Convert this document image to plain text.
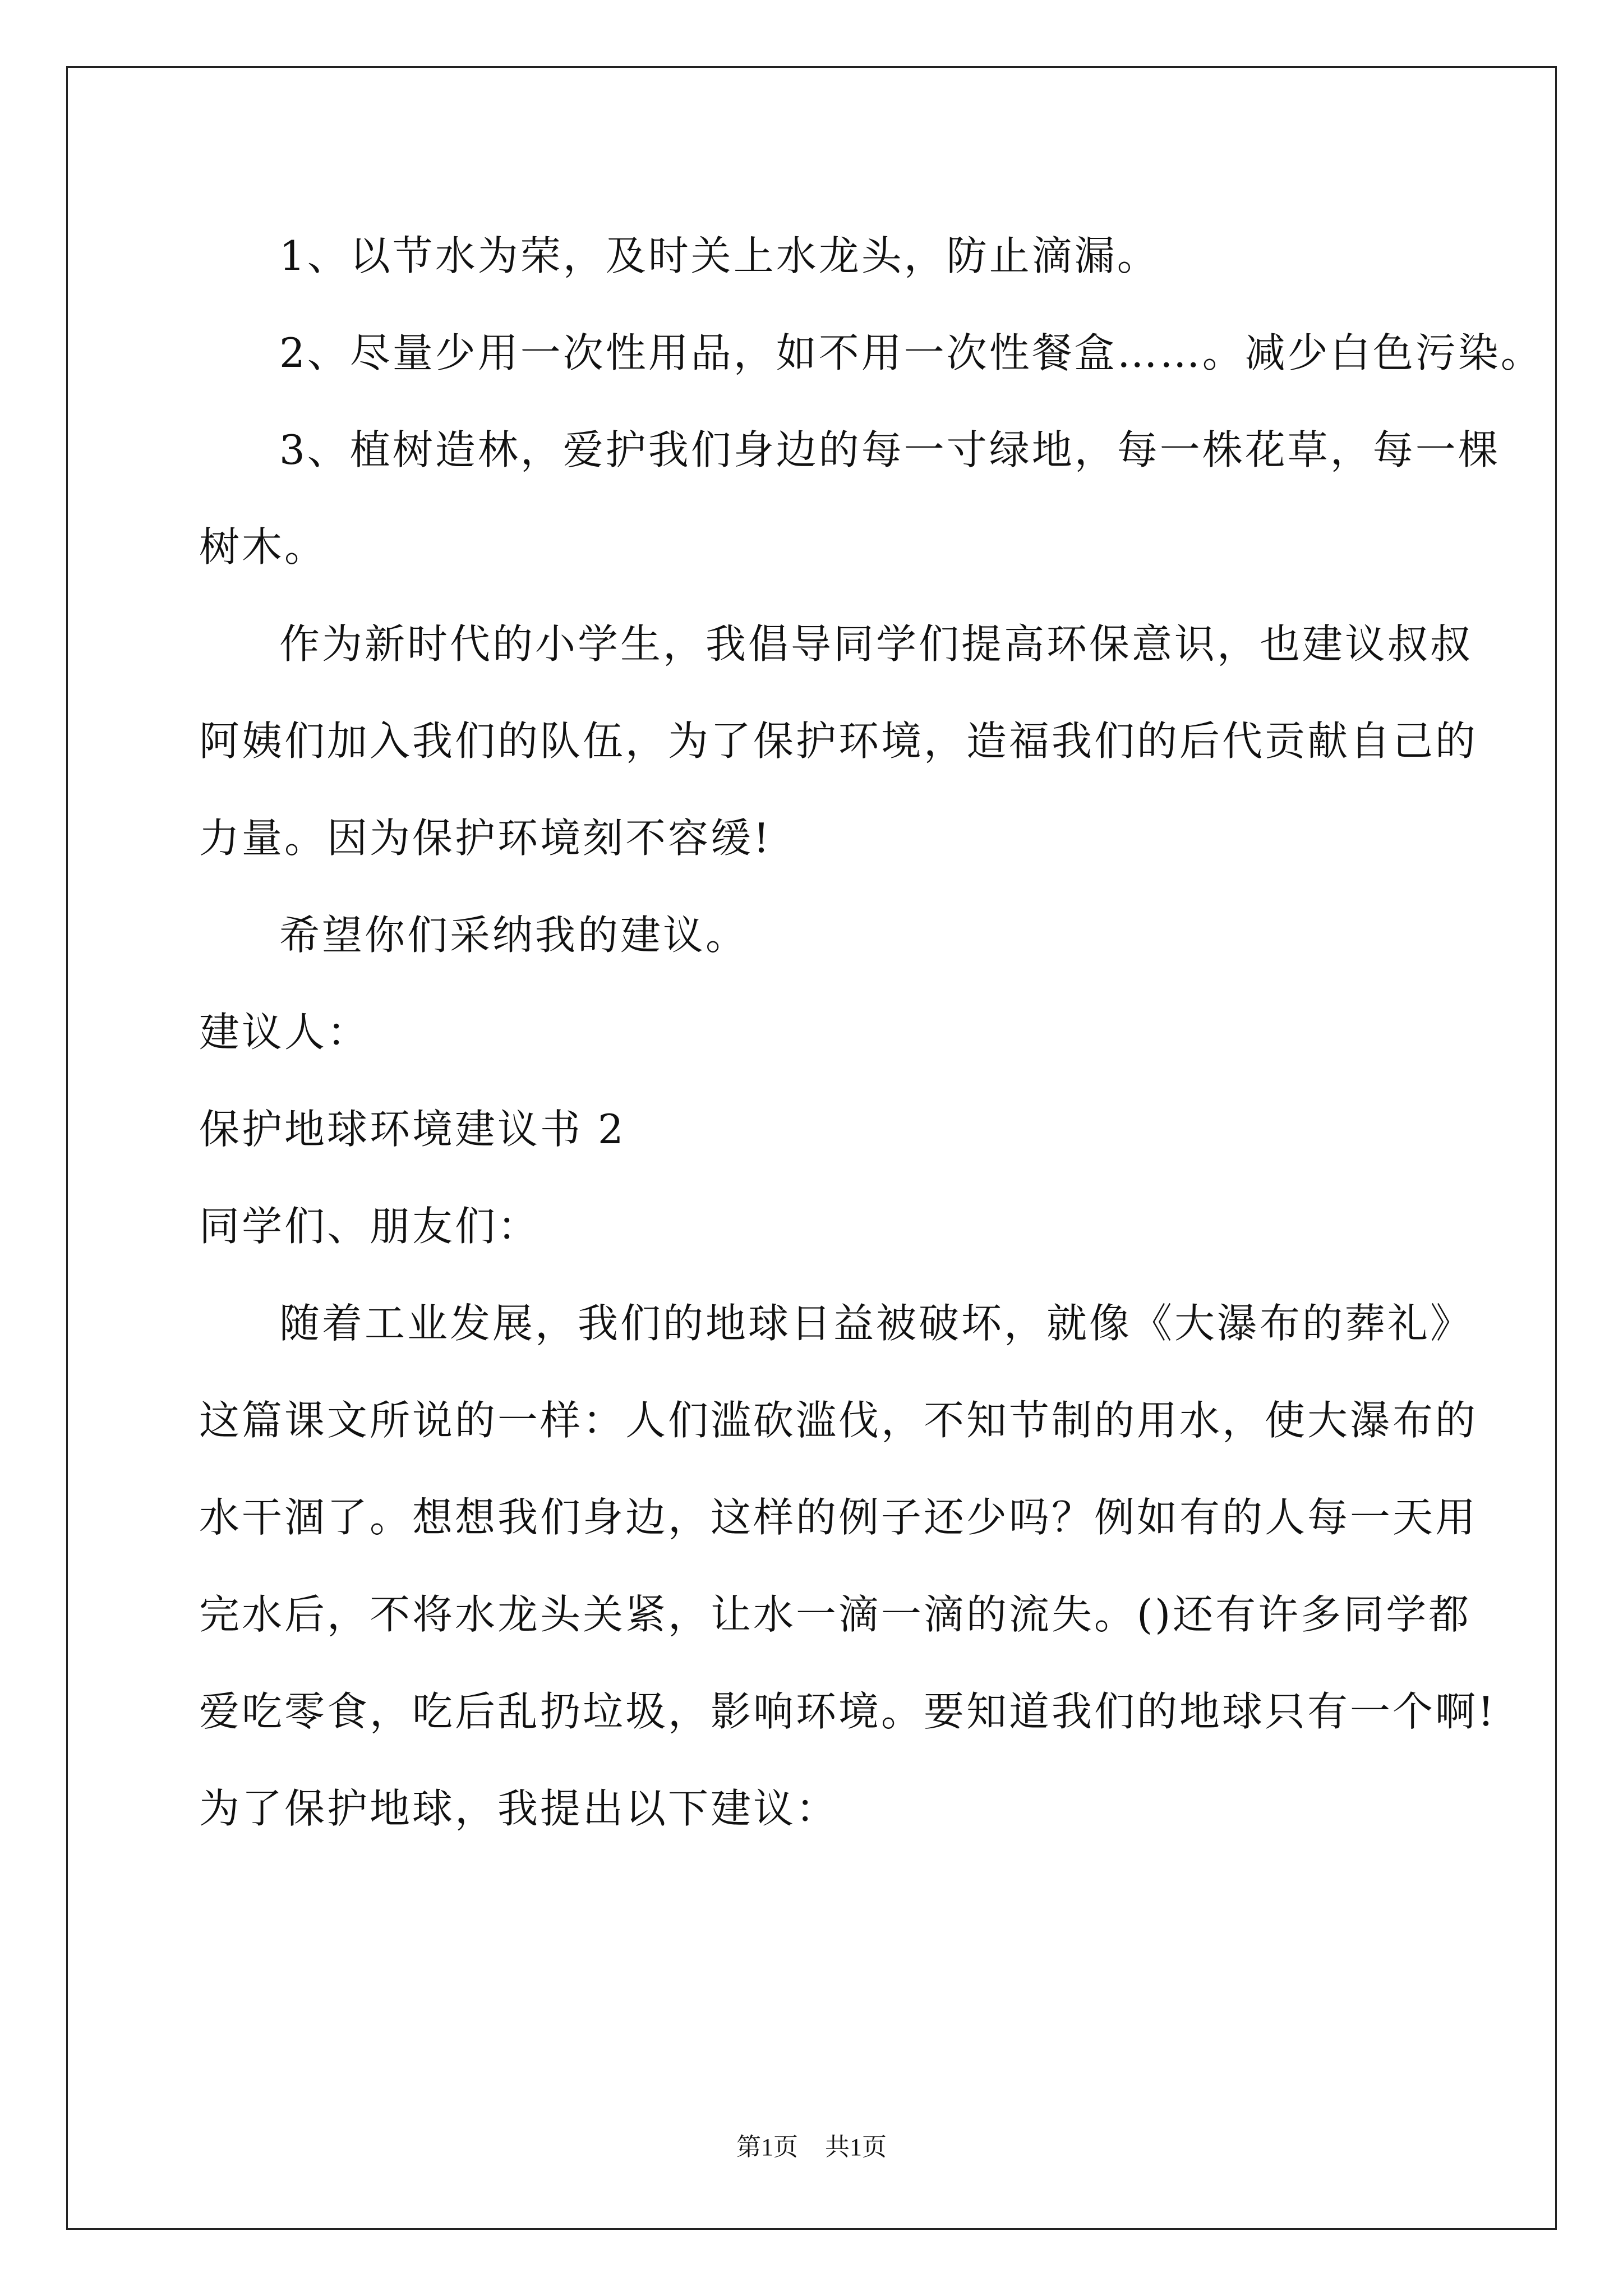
1、以节水为荣，及时关上水龙头，防止滴漏。
2、尽量少用一次性用品，如不用一次性餐盒……。减少白色污染。
3、植树造林，爱护我们身边的每一寸绿地，每一株花草，每一棵
树木。
作为新时代的小学生，我倡导同学们提高环保意识，也建议叔叔
阿姨们加入我们的队伍，为了保护环境，造福我们的后代贡献自己的
力量。因为保护环境刻不容缓!
希望你们采纳我的建议。
建议人：
保护地球环境建议书 2
同学们、朋友们：
随着工业发展，我们的地球日益被破坏，就像《大瀑布的葬礼》
这篇课文所说的一样：人们滥砍滥伐，不知节制的用水，使大瀑布的
水干涸了。想想我们身边，这样的例子还少吗？例如有的人每一天用
完水后，不将水龙头关紧，让水一滴一滴的流失。()还有许多同学都
爱吃零食，吃后乱扔垃圾，影响环境。要知道我们的地球只有一个啊!
为了保护地球，我提出以下建议：
第1页 共1页
